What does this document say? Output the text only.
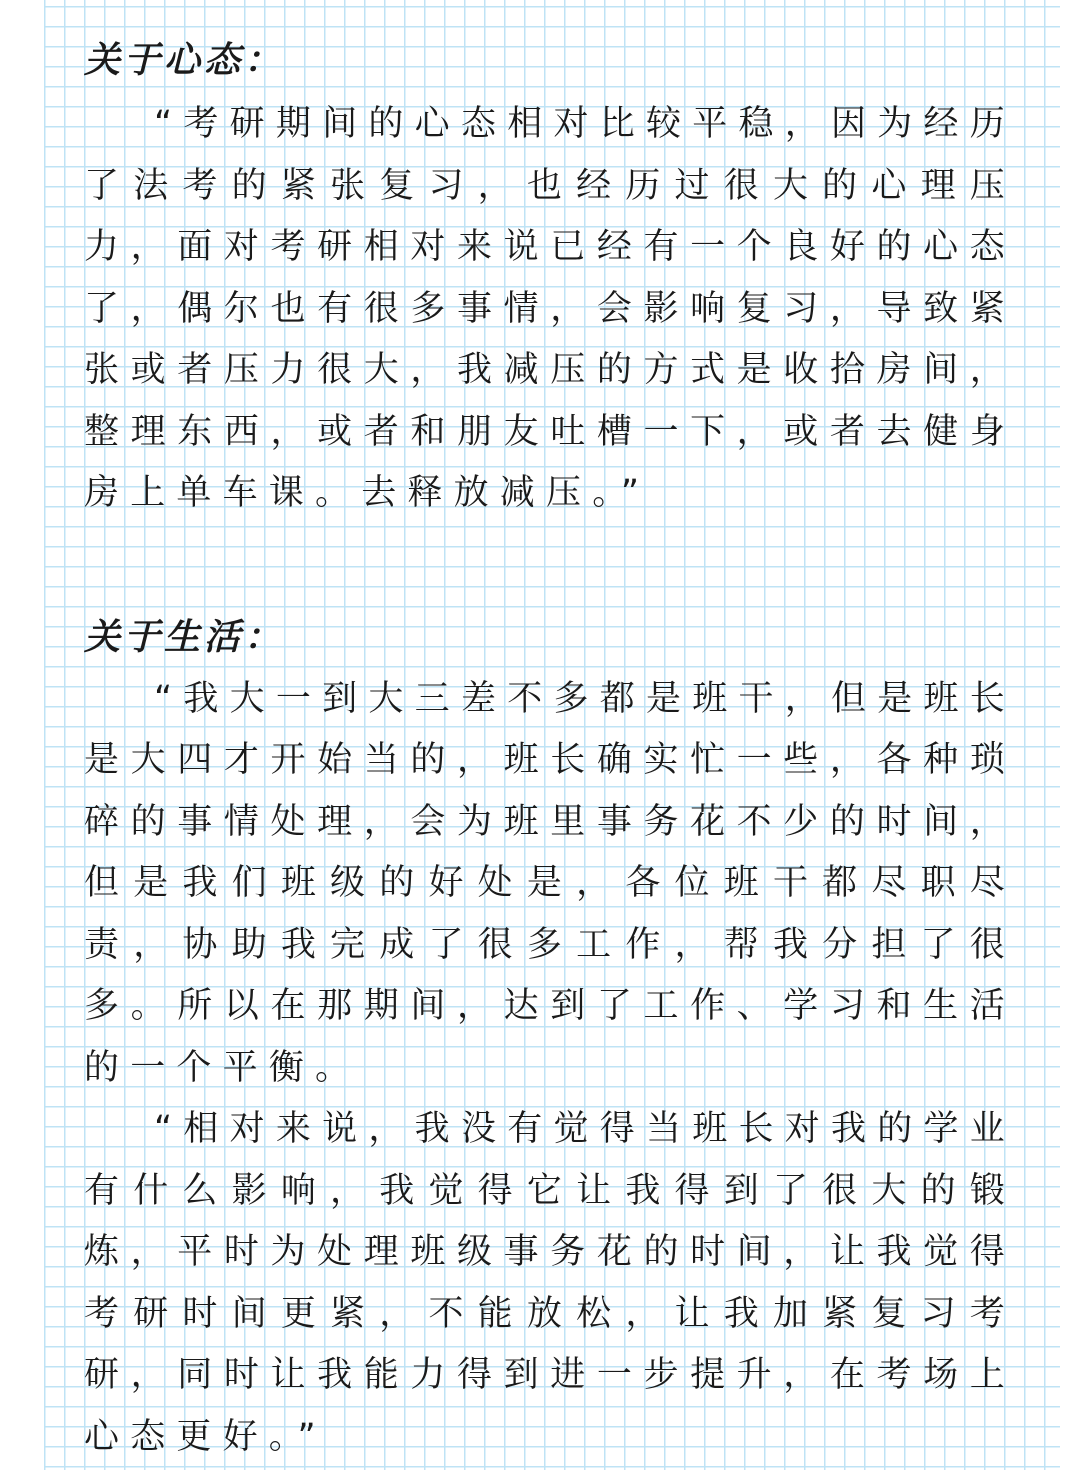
关于心态：

“考研期间的心态相对比较平稳，因为经历了法考的紧张复习，也经历过很大的心理压力，面对考研相对来说已经有一个良好的心态了，偶尔也有很多事情，会影响复习，导致紧张或者压力很大，我减压的方式是收拾房间，整理东西，或者和朋友吐槽一下，或者去健身房上单车课。去释放减压。”

关于生活：

“我大一到大三差不多都是班干，但是班长是大四才开始当的，班长确实忙一些，各种琐碎的事情处理，会为班里事务花不少的时间，但是我们班级的好处是，各位班干都尽职尽责，协助我完成了很多工作，帮我分担了很多。所以在那期间，达到了工作、学习和生活的一个平衡。

“相对来说，我没有觉得当班长对我的学业有什么影响，我觉得它让我得到了很大的锻炼，平时为处理班级事务花的时间，让我觉得考研时间更紧，不能放松，让我加紧复习考研，同时让我能力得到进一步提升，在考场上心态更好。”
